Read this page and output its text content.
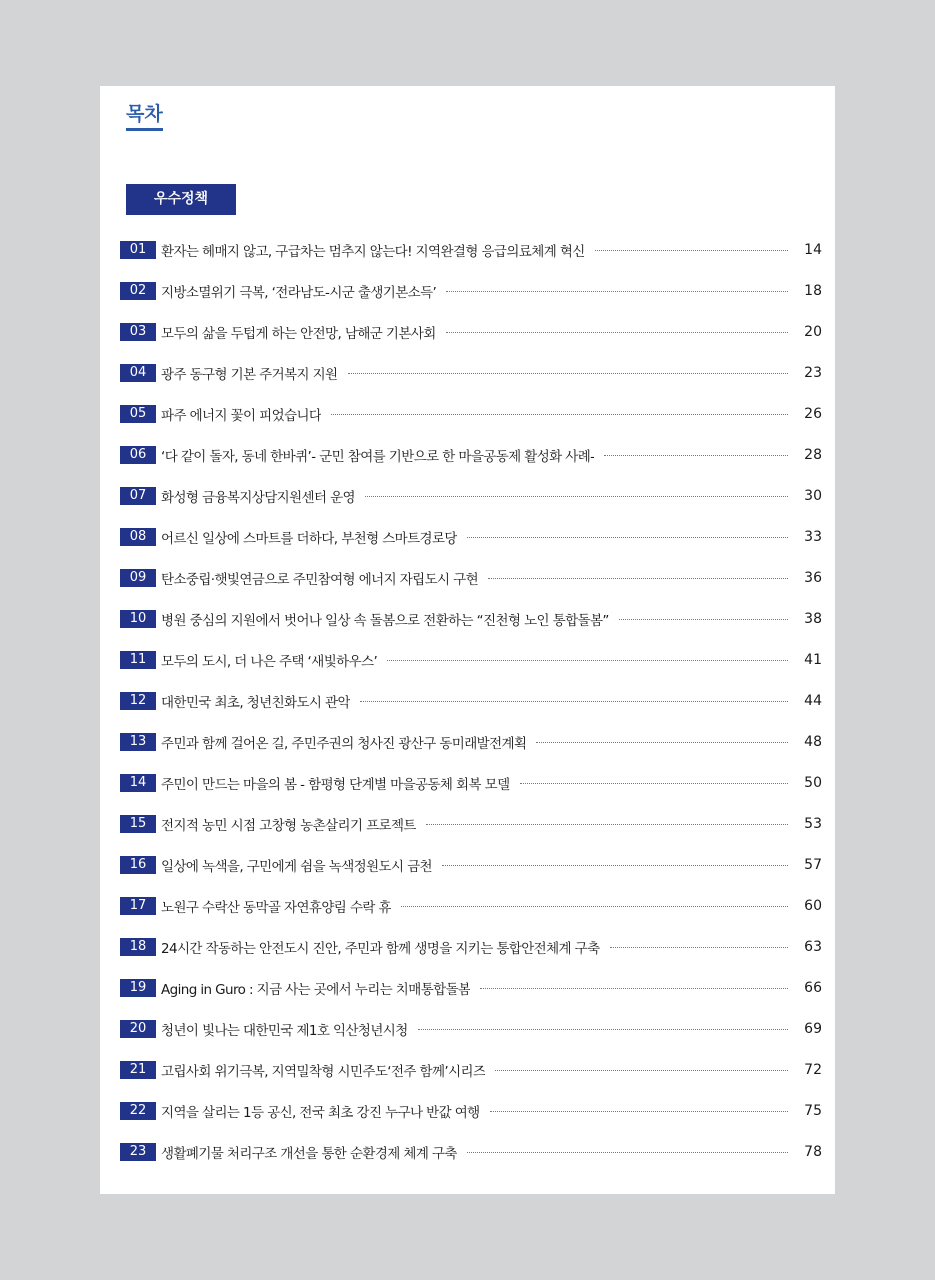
목차
우수정책
01	환자는 헤매지 않고, 구급차는 멈추지 않는다! 지역완결형 응급의료체계 혁신	14
02	지방소멸위기 극복, ‘전라남도-시군 출생기본소득’	18
03	모두의 삶을 두텁게 하는 안전망, 남해군 기본사회	20
04	광주 동구형 기본 주거복지 지원	23
05	파주 에너지 꽃이 피었습니다	26
06	‘다 같이 돌자, 동네 한바퀴’- 군민 참여를 기반으로 한 마을공동제 활성화 사례-	28
07	화성형 금융복지상담지원센터 운영	30
08	어르신 일상에 스마트를 더하다, 부천형 스마트경로당	33
09	탄소중립·햇빛연금으로 주민참여형 에너지 자립도시 구현	36
10	병원 중심의 지원에서 벗어나 일상 속 돌봄으로 전환하는 “진천형 노인 통합돌봄”	38
11	모두의 도시, 더 나은 주택 ‘새빛하우스’	41
12	대한민국 최초, 청년친화도시 관악	44
13	주민과 함께 걸어온 길, 주민주권의 청사진 광산구 동미래발전계획	48
14	주민이 만드는 마을의 봄 - 함평형 단계별 마을공동체 회복 모델	50
15	전지적 농민 시점 고창형 농촌살리기 프로젝트	53
16	일상에 녹색을, 구민에게 쉼을 녹색정원도시 금천	57
17	노원구 수락산 동막골 자연휴양림 수락 휴	60
18	24시간 작동하는 안전도시 진안, 주민과 함께 생명을 지키는 통합안전체계 구축	63
19	Aging in Guro : 지금 사는 곳에서 누리는 치매통합돌봄	66
20	청년이 빛나는 대한민국 제1호 익산청년시청	69
21	고립사회 위기극복, 지역밀착형 시민주도‘전주 함께’시리즈	72
22	지역을 살리는 1등 공신, 전국 최초 강진 누구나 반값 여행	75
23	생활폐기물 처리구조 개선을 통한 순환경제 체계 구축	78
